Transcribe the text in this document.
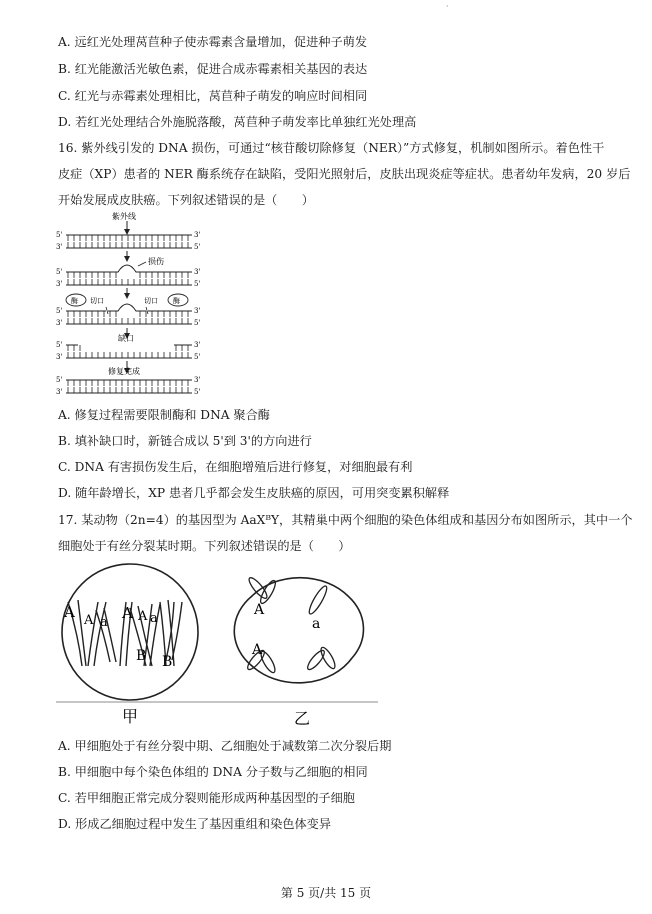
·
A. 远红光处理莴苣种子使赤霉素含量增加，促进种子萌发
B. 红光能激活光敏色素，促进合成赤霉素相关基因的表达
C. 红光与赤霉素处理相比，莴苣种子萌发的响应时间相同
D. 若红光处理结合外施脱落酸，莴苣种子萌发率比单独红光处理高
16. 紫外线引发的 DNA 损伤，可通过“核苷酸切除修复（NER）”方式修复，机制如图所示。着色性干
皮症（XP）患者的 NER 酶系统存在缺陷，受阳光照射后，皮肤出现炎症等症状。患者幼年发病，20 岁后
开始发展成皮肤癌。下列叙述错误的是（　　）
紫外线
5'
3'
3'
5'
5'
3'
3'
5'
损伤
5'
3'
3'
5'
酶 切口	切口 酶
5'
3'
3'
5'
缺口
修复完成
5'
3'
3'
5'
A. 修复过程需要限制酶和 DNA 聚合酶
B. 填补缺口时，新链合成以 5'到 3'的方向进行
C. DNA 有害损伤发生后，在细胞增殖后进行修复，对细胞最有利
D. 随年龄增长，XP 患者几乎都会发生皮肤癌的原因，可用突变累积解释
17. 某动物（2n=4）的基因型为 AaXᴮY，其精巢中两个细胞的染色体组成和基因分布如图所示，其中一个
细胞处于有丝分裂某时期。下列叙述错误的是（　　）
A A a
A A a
B B
A
a
A
甲	乙
A. 甲细胞处于有丝分裂中期、乙细胞处于减数第二次分裂后期
B. 甲细胞中每个染色体组的 DNA 分子数与乙细胞的相同
C. 若甲细胞正常完成分裂则能形成两种基因型的子细胞
D. 形成乙细胞过程中发生了基因重组和染色体变异
第 5 页/共 15 页
